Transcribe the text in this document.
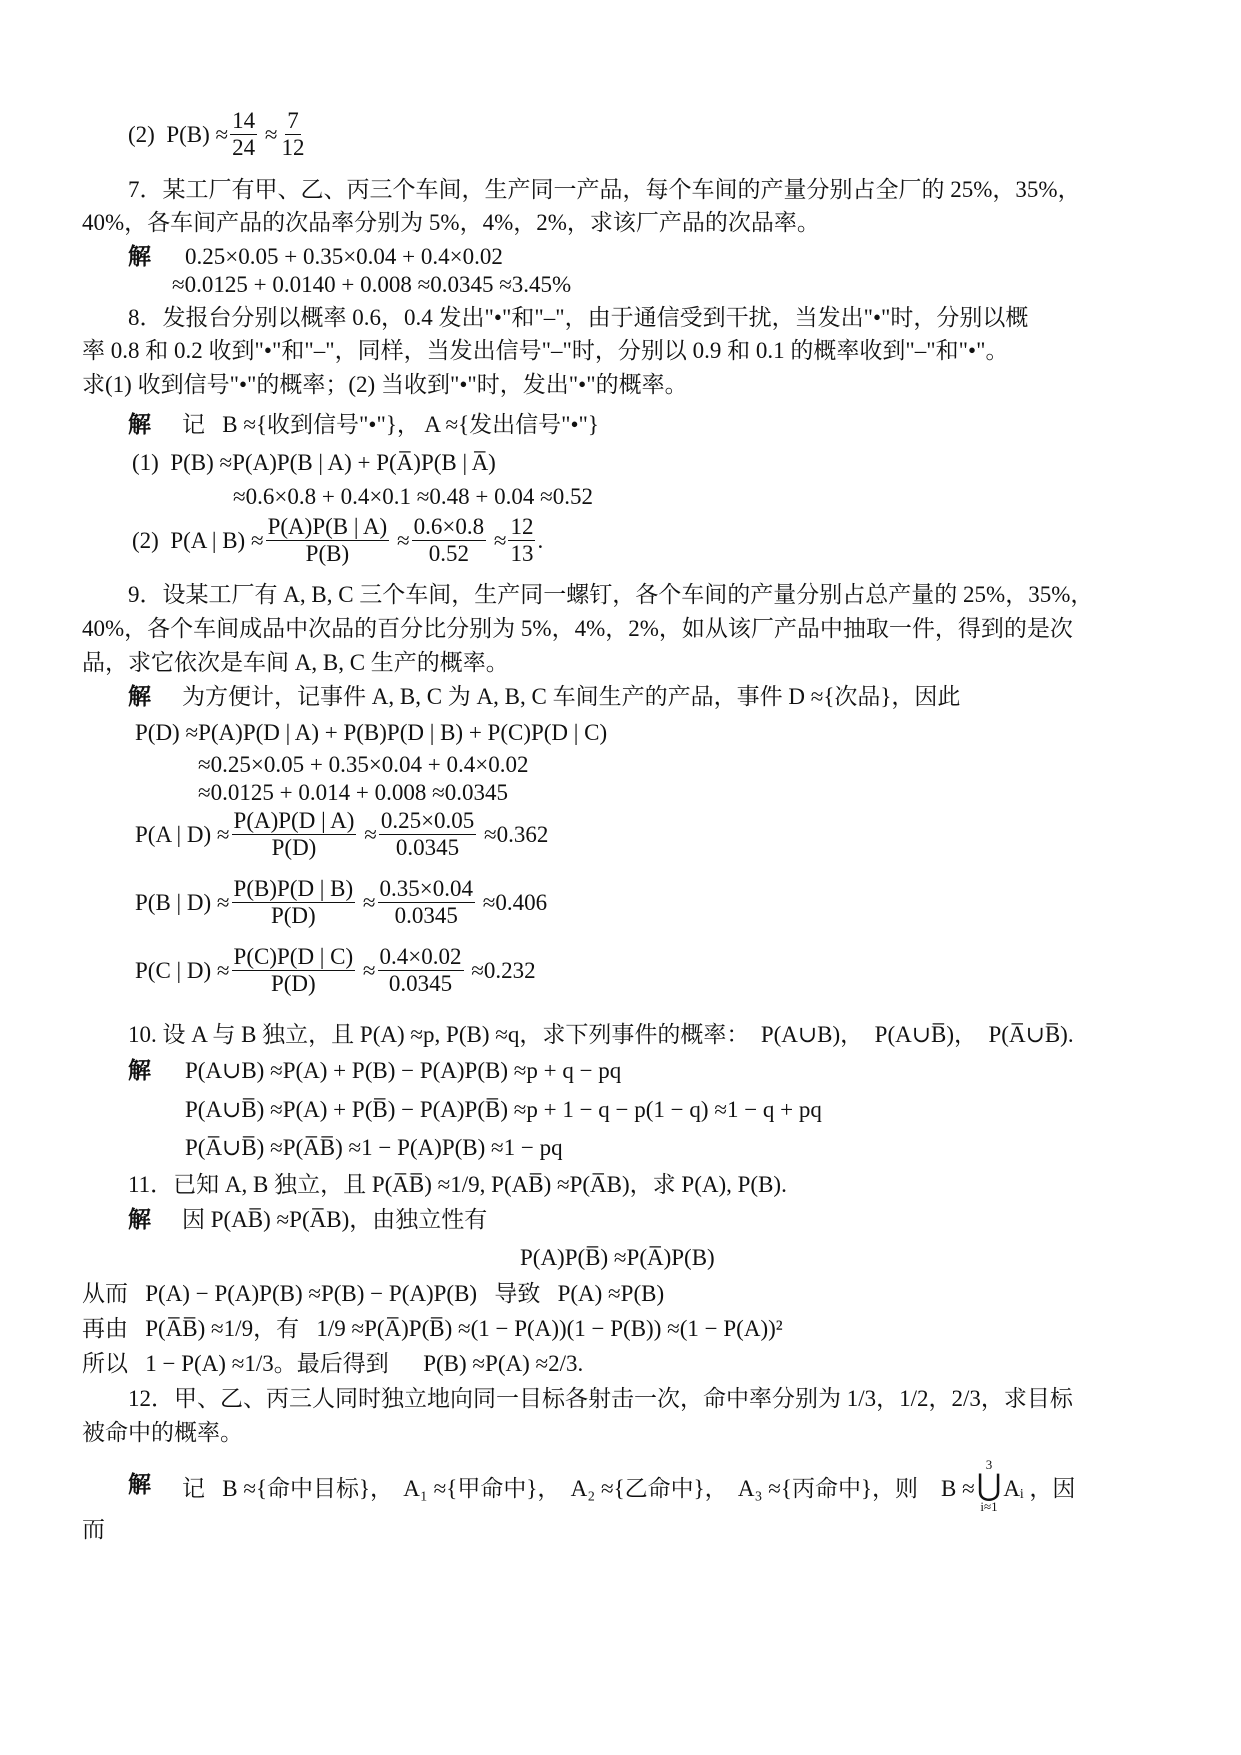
(2)  $P(B) \approx \frac{14}{24} \approx \frac{7}{12}$
7．某工厂有甲、乙、丙三个车间，生产同一产品，每个车间的产量分别占全厂的 25%，35%，
40%，各车间产品的次品率分别为 5%，4%，2%，求该厂产品的次品率。
解 0.25×0.05 + 0.35×0.04 + 0.4×0.02
≈0.0125 + 0.0140 + 0.008 ≈0.0345 ≈3.45%
8．发报台分别以概率 0.6，0.4 发出"•"和"–"，由于通信受到干扰，当发出"•"时，分别以概
率 0.8 和 0.2 收到"•"和"–"，同样，当发出信号"–"时，分别以 0.9 和 0.1 的概率收到"–"和"•"。
求(1) 收到信号"•"的概率；(2) 当收到"•"时，发出"•"的概率。
解 记   B ≈{收到信号"•"}， A ≈{发出信号"•"}
(1)  P(B) ≈P(A)P(B | A) + P(A̅)P(B | A̅)
≈0.6×0.8 + 0.4×0.1 ≈0.48 + 0.04 ≈0.52
(2)  P(A | $B) \approx \frac{P(A)P(B | A)}{P(B)} \approx \frac{0.6\times 0.8}{0.52} \approx \frac{12}{13}$ .
9．设某工厂有 A, B, C 三个车间，生产同一螺钉，各个车间的产量分别占总产量的 25%，35%，
40%，各个车间成品中次品的百分比分别为 5%，4%，2%，如从该厂产品中抽取一件，得到的是次
品，求它依次是车间 A, B, C 生产的概率。
解 为方便计，记事件 A, B, C 为 A, B, C 车间生产的产品，事件 D ≈{次品}，因此
P(D) ≈P(A)P(D | A) + P(B)P(D | B) + P(C)P(D | C)
≈0.25×0.05 + 0.35×0.04 + 0.4×0.02
≈0.0125 + 0.014 + 0.008 ≈0.0345
P(A | $D) \approx \frac{P(A)P(D | A)}{P(D)} \approx \frac{0.25\times 0.05}{0.0345} \approx 0.362$
P(B | $D) \approx \frac{P(B)P(D | B)}{P(D)} \approx \frac{0.35\times 0.04}{0.0345} \approx 0.406$
P(C | $D) \approx \frac{P(C)P(D | C)}{P(D)} \approx \frac{0.4\times 0.02}{0.0345} \approx 0.232$
10. 设 A 与 B 独立，且 P(A) ≈p, P(B) ≈q，求下列事件的概率：  P(A∪B)，  P(A∪B̅)，  P(A̅∪B̅).
解 P(A∪B) ≈P(A) + P(B) − P(A)P(B) ≈p + q − pq
P(A∪B̅) ≈P(A) + P(B̅) − P(A)P(B̅) ≈p + 1 − q − p(1 − q) ≈1 − q + pq
P(A̅∪B̅) ≈P(A̅B̅) ≈1 − P(A)P(B) ≈1 − pq
11．已知 A, B 独立，且 P(A̅B̅) ≈1/9, P(AB̅) ≈P(A̅B)，求 P(A), P(B).
解 因 P(AB̅) ≈P(A̅B)，由独立性有
P(A)P(B̅) ≈P(A̅)P(B)
从而   P(A) − P(A)P(B) ≈P(B) − P(A)P(B)   导致   P(A) ≈P(B)
再由   P(A̅B̅) ≈1/9，有   1/9 ≈P(A̅)P(B̅) ≈(1 − P(A))(1 − P(B)) ≈(1 − P(A))²
所以   1 − P(A) ≈1/3。最后得到      P(B) ≈P(A) ≈2/3.
12．甲、乙、丙三人同时独立地向同一目标各射击一次，命中率分别为 1/3，1/2，2/3，求目标
被命中的概率。
解 记   B ≈{命中目标}，  A₁ ≈{甲命中}，  A₂ ≈{乙命中}，  A₃ ≈{丙命中}，则    B ≈
3
⋃
i≈1
Aᵢ ，因
而
